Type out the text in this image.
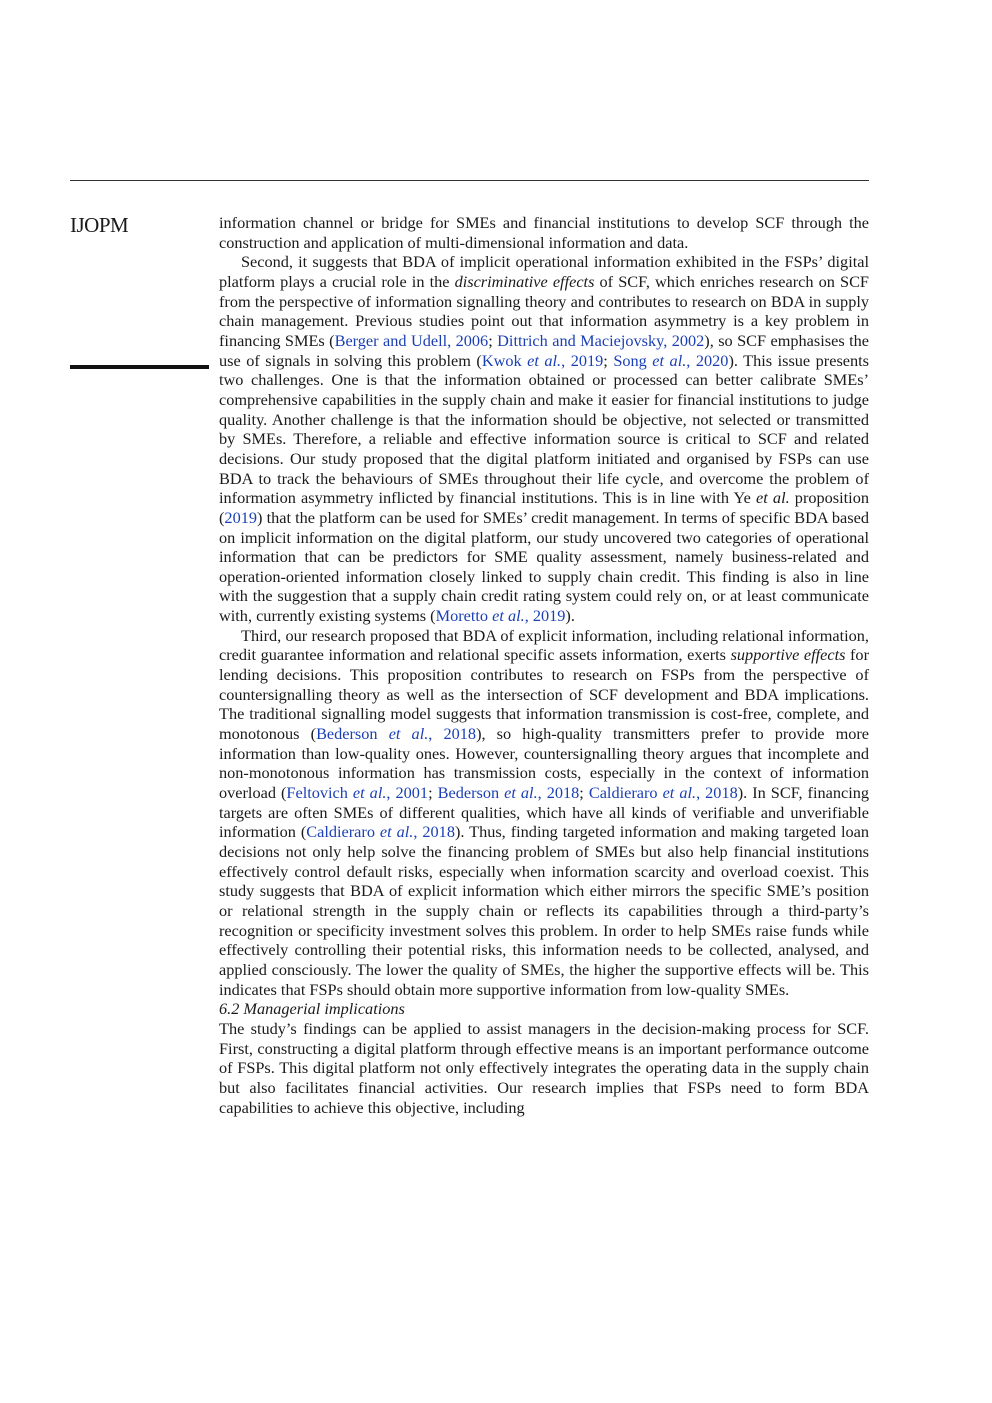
IJOPM	information channel or bridge for SMEs and financial institutions to develop SCF through the construction and application of multi-dimensional information and data.

Second, it suggests that BDA of implicit operational information exhibited in the FSPs’ digital platform plays a crucial role in the discriminative effects of SCF, which enriches research on SCF from the perspective of information signalling theory and contributes to research on BDA in supply chain management. Previous studies point out that information asymmetry is a key problem in financing SMEs (Berger and Udell, 2006; Dittrich and Maciejovsky, 2002), so SCF emphasises the use of signals in solving this problem (Kwok et al., 2019; Song et al., 2020). This issue presents two challenges. One is that the information obtained or processed can better calibrate SMEs’ comprehensive capabilities in the supply chain and make it easier for financial institutions to judge quality. Another challenge is that the information should be objective, not selected or transmitted by SMEs. Therefore, a reliable and effective information source is critical to SCF and related decisions. Our study proposed that the digital platform initiated and organised by FSPs can use BDA to track the behaviours of SMEs throughout their life cycle, and overcome the problem of information asymmetry inflicted by financial institutions. This is in line with Ye et al. proposition (2019) that the platform can be used for SMEs’ credit management. In terms of specific BDA based on implicit information on the digital platform, our study uncovered two categories of operational information that can be predictors for SME quality assessment, namely business-related and operation-oriented information closely linked to supply chain credit. This finding is also in line with the suggestion that a supply chain credit rating system could rely on, or at least communicate with, currently existing systems (Moretto et al., 2019).

Third, our research proposed that BDA of explicit information, including relational information, credit guarantee information and relational specific assets information, exerts supportive effects for lending decisions. This proposition contributes to research on FSPs from the perspective of countersignalling theory as well as the intersection of SCF development and BDA implications. The traditional signalling model suggests that information transmission is cost-free, complete, and monotonous (Bederson et al., 2018), so high-quality transmitters prefer to provide more information than low-quality ones. However, countersignalling theory argues that incomplete and non-monotonous information has transmission costs, especially in the context of information overload (Feltovich et al., 2001; Bederson et al., 2018; Caldieraro et al., 2018). In SCF, financing targets are often SMEs of different qualities, which have all kinds of verifiable and unverifiable information (Caldieraro et al., 2018). Thus, finding targeted information and making targeted loan decisions not only help solve the financing problem of SMEs but also help financial institutions effectively control default risks, especially when information scarcity and overload coexist. This study suggests that BDA of explicit information which either mirrors the specific SME’s position or relational strength in the supply chain or reflects its capabilities through a third-party’s recognition or specificity investment solves this problem. In order to help SMEs raise funds while effectively controlling their potential risks, this information needs to be collected, analysed, and applied consciously. The lower the quality of SMEs, the higher the supportive effects will be. This indicates that FSPs should obtain more supportive information from low-quality SMEs.

6.2 Managerial implications

The study’s findings can be applied to assist managers in the decision-making process for SCF. First, constructing a digital platform through effective means is an important performance outcome of FSPs. This digital platform not only effectively integrates the operating data in the supply chain but also facilitates financial activities. Our research implies that FSPs need to form BDA capabilities to achieve this objective, including
